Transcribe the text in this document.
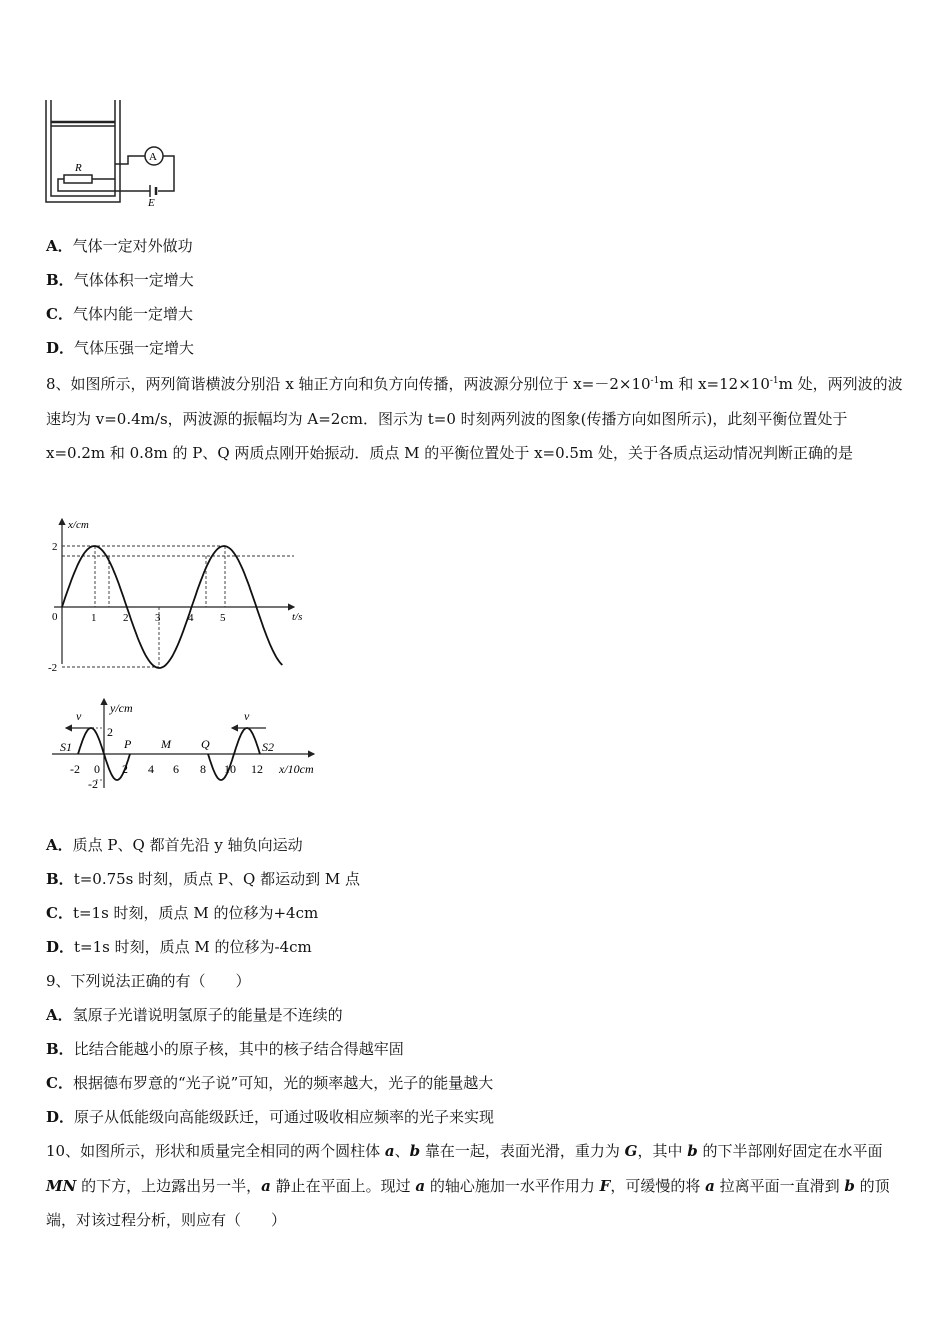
R
A
E
A．气体一定对外做功
B．气体体积一定增大
C．气体内能一定增大
D．气体压强一定增大
8、如图所示，两列简谐横波分别沿 x 轴正方向和负方向传播，两波源分别位于 $x=-2\times 10^{-1}m$ 和 $x=12\times 10^{-1}m$ 处，两列波的波速均为 v=0.4m/s，两波源的振幅均为 A=2cm．图示为 t=0 时刻两列波的图象(传播方向如图所示)，此刻平衡位置处于 x=0.2m 和 0.8m 的 P、Q 两质点刚开始振动．质点 M 的平衡位置处于 x=0.5m 处，关于各质点运动情况判断正确的是
x/cm
t/s
2
0
-2
1 2 3	4 5
v	v
y/cm
x/10cm
2
-2
-2 0 2 4 6 8 10 12
S1	P M	Q	S2
A．质点 P、Q 都首先沿 y 轴负向运动
B．t=0.75s 时刻，质点 P、Q 都运动到 M 点
C．t=1s 时刻，质点 M 的位移为+4cm
D．t=1s 时刻，质点 M 的位移为-4cm
9、下列说法正确的有（　　）
A．氢原子光谱说明氢原子的能量是不连续的
B．比结合能越小的原子核，其中的核子结合得越牢固
C．根据德布罗意的“光子说”可知，光的频率越大，光子的能量越大
D．原子从低能级向高能级跃迁，可通过吸收相应频率的光子来实现
10、如图所示，形状和质量完全相同的两个圆柱体 a、b 靠在一起，表面光滑，重力为 G，其中 b 的下半部刚好固定在水平面 MN 的下方，上边露出另一半，a 静止在平面上。现过 a 的轴心施加一水平作用力 F，可缓慢的将 a 拉离平面一直滑到 b 的顶端，对该过程分析，则应有（　　）
